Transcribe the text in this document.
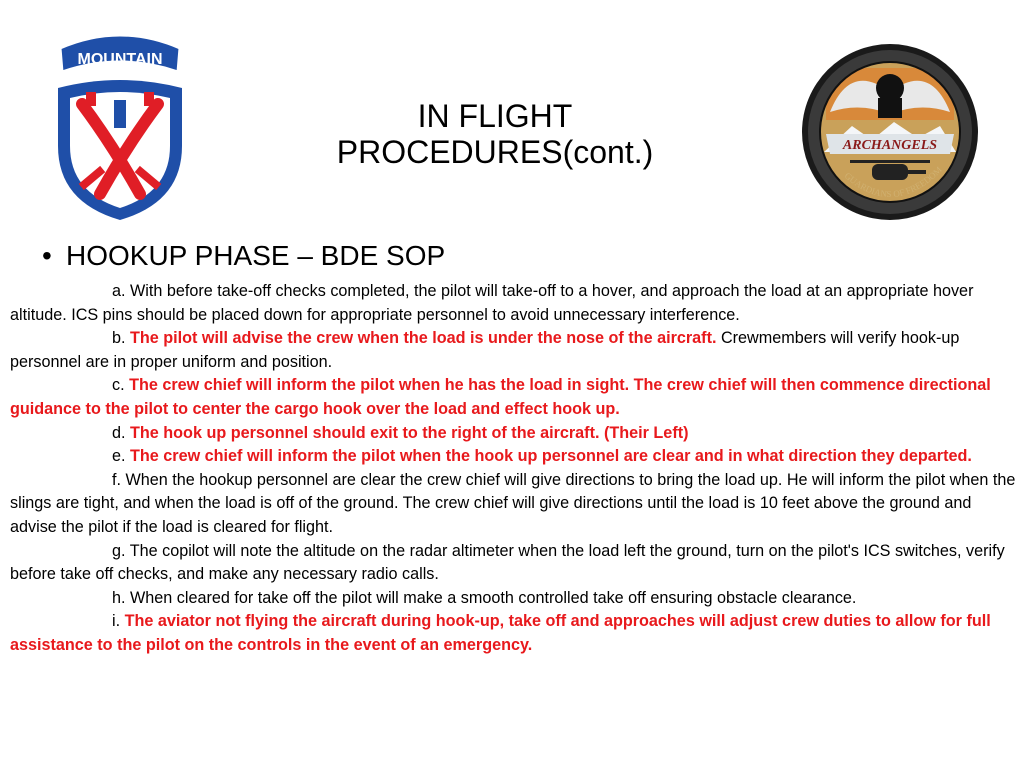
MOUNTAIN
ARCHANGELS
GUARDIANS OF FREEDOM
IN FLIGHT
PROCEDURES(cont.)
• HOOKUP PHASE – BDE SOP

a. With before take-off checks completed, the pilot will take-off to a hover, and approach the load at an appropriate hover altitude. ICS pins should be placed down for appropriate personnel to avoid unnecessary interference.

b. The pilot will advise the crew when the load is under the nose of the aircraft. Crewmembers will verify hook-up personnel are in proper uniform and position.

c. The crew chief will inform the pilot when he has the load in sight. The crew chief will then commence directional guidance to the pilot to center the cargo hook over the load and effect hook up.

d. The hook up personnel should exit to the right of the aircraft. (Their Left)

e. The crew chief will inform the pilot when the hook up personnel are clear and in what direction they departed.

f. When the hookup personnel are clear the crew chief will give directions to bring the load up. He will inform the pilot when the slings are tight, and when the load is off of the ground. The crew chief will give directions until the load is 10 feet above the ground and advise the pilot if the load is cleared for flight.

g. The copilot will note the altitude on the radar altimeter when the load left the ground, turn on the pilot's ICS switches, verify before take off checks, and make any necessary radio calls.

h. When cleared for take off the pilot will make a smooth controlled take off ensuring obstacle clearance.

i. The aviator not flying the aircraft during hook-up, take off and approaches will adjust crew duties to allow for full assistance to the pilot on the controls in the event of an emergency.
